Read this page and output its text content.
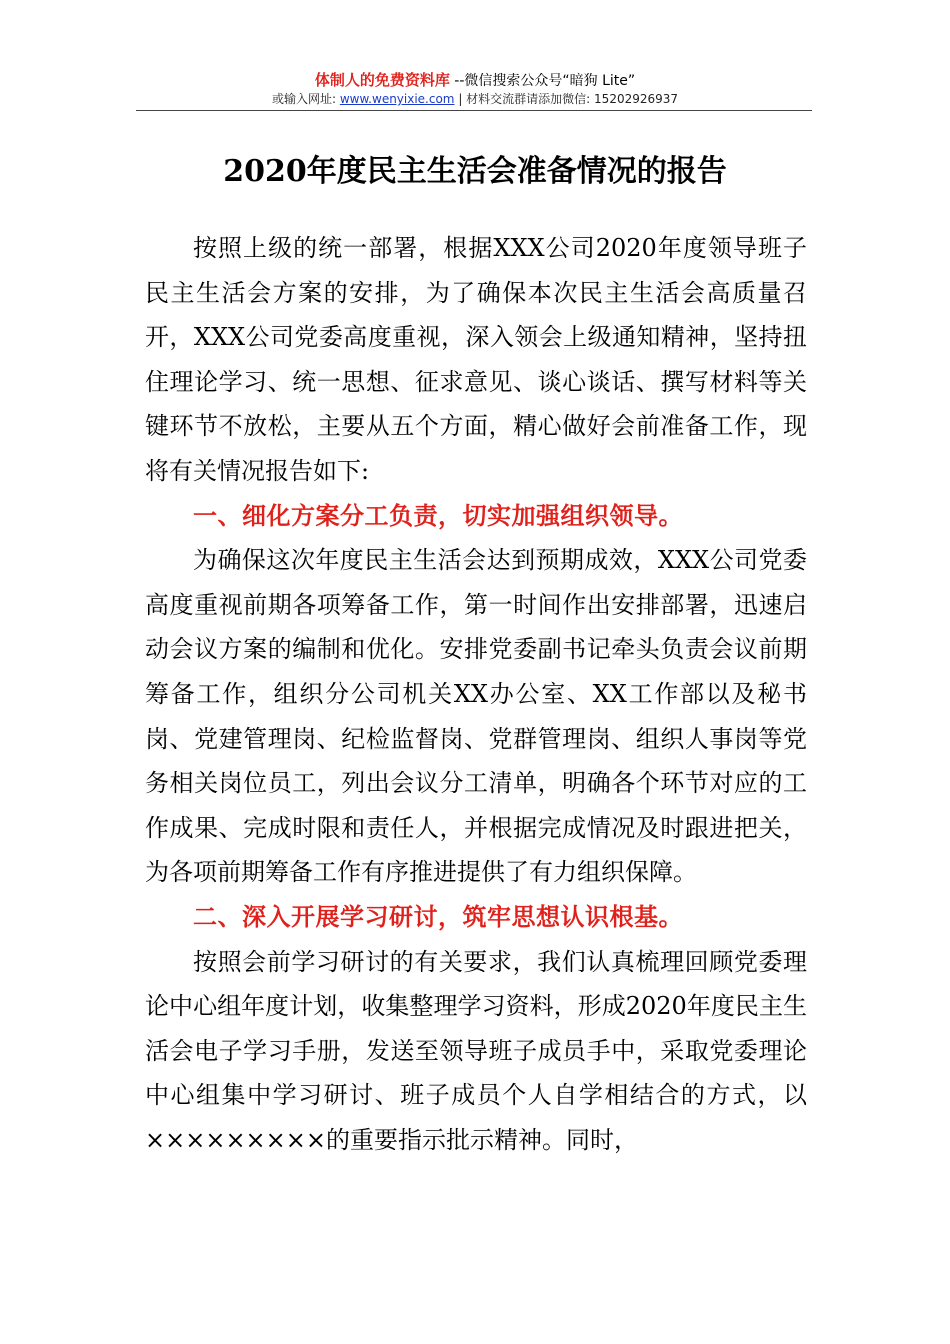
体制人的免费资料库 --微信搜索公众号“暗狗 Lite”
或输入网址: www.wenyixie.com | 材料交流群请添加微信: 15202926937
2020年度民主生活会准备情况的报告

按照上级的统一部署，根据XXX公司2020年度领导班子民主生活会方案的安排，为了确保本次民主生活会高质量召开，XXX公司党委高度重视，深入领会上级通知精神，坚持扭住理论学习、统一思想、征求意见、谈心谈话、撰写材料等关键环节不放松，主要从五个方面，精心做好会前准备工作，现将有关情况报告如下:

一、细化方案分工负责，切实加强组织领导。

为确保这次年度民主生活会达到预期成效，XXX公司党委高度重视前期各项筹备工作，第一时间作出安排部署，迅速启动会议方案的编制和优化。安排党委副书记牵头负责会议前期筹备工作，组织分公司机关XX办公室、XX工作部以及秘书岗、党建管理岗、纪检监督岗、党群管理岗、组织人事岗等党务相关岗位员工，列出会议分工清单，明确各个环节对应的工作成果、完成时限和责任人，并根据完成情况及时跟进把关，为各项前期筹备工作有序推进提供了有力组织保障。

二、深入开展学习研讨，筑牢思想认识根基。

按照会前学习研讨的有关要求，我们认真梳理回顾党委理论中心组年度计划，收集整理学习资料，形成2020年度民主生活会电子学习手册，发送至领导班子成员手中，采取党委理论中心组集中学习研讨、班子成员个人自学相结合的方式，以×××××××××的重要指示批示精神。同时，
